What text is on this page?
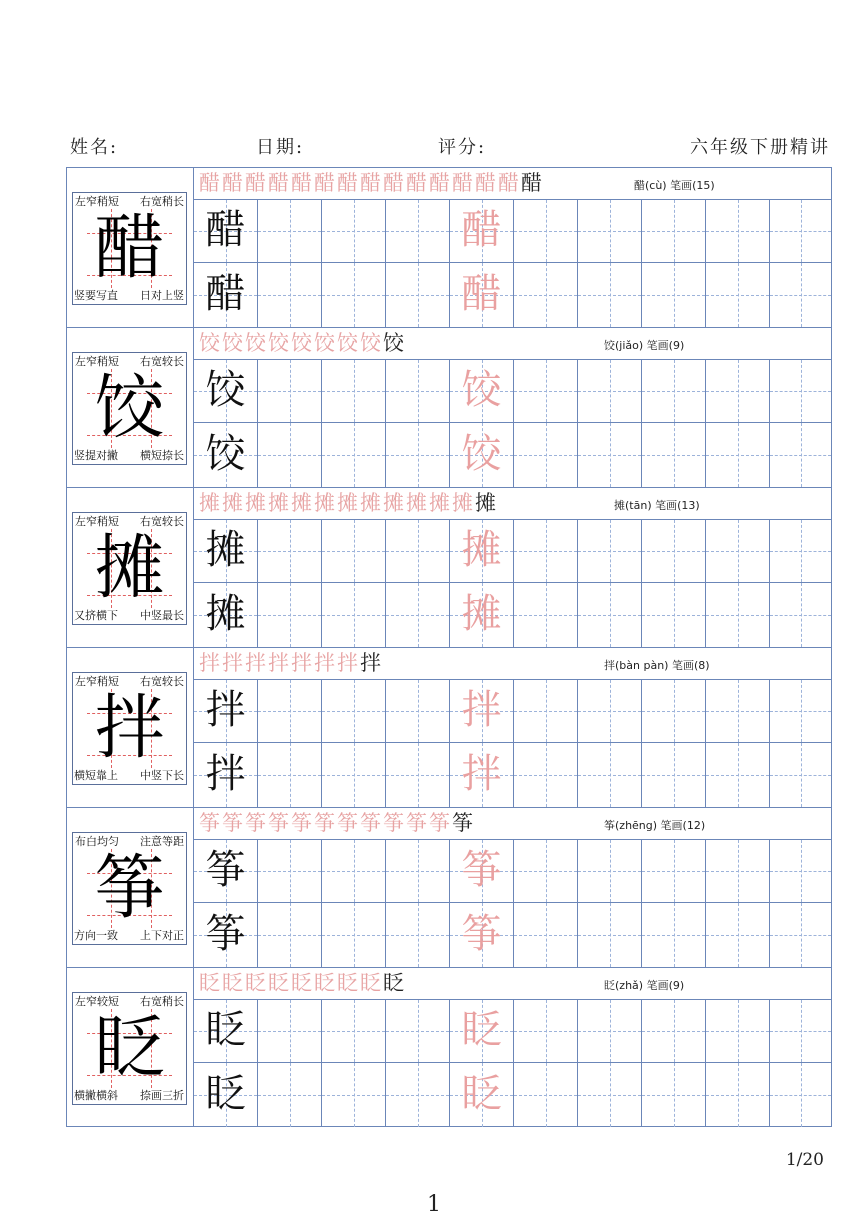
姓名:	日期:	评分:	六年级下册精讲
左窄稍短 右宽稍长
竖要写直 日对上竖
醋
醋醋醋醋醋醋醋醋醋醋醋醋醋醋醋	醋(cù) 笔画(15)
醋	醋
醋	醋
左窄稍短 右宽较长
竖提对撇 横短捺长
饺
饺饺饺饺饺饺饺饺饺	饺(jiǎo) 笔画(9)
饺	饺
饺	饺
左窄稍短 右宽较长
又挤横下 中竖最长
摊
摊摊摊摊摊摊摊摊摊摊摊摊摊	摊(tān) 笔画(13)
摊	摊
摊	摊
左窄稍短 右宽较长
横短靠上 中竖下长
拌
拌拌拌拌拌拌拌拌	拌(bàn pàn) 笔画(8)
拌	拌
拌	拌
布白均匀 注意等距
方向一致 上下对正
筝
筝筝筝筝筝筝筝筝筝筝筝筝	筝(zhēng) 笔画(12)
筝	筝
筝	筝
左窄较短 右宽稍长
横撇横斜 捺画三折
眨
眨眨眨眨眨眨眨眨眨	眨(zhǎ) 笔画(9)
眨	眨
眨	眨
1/20
1
